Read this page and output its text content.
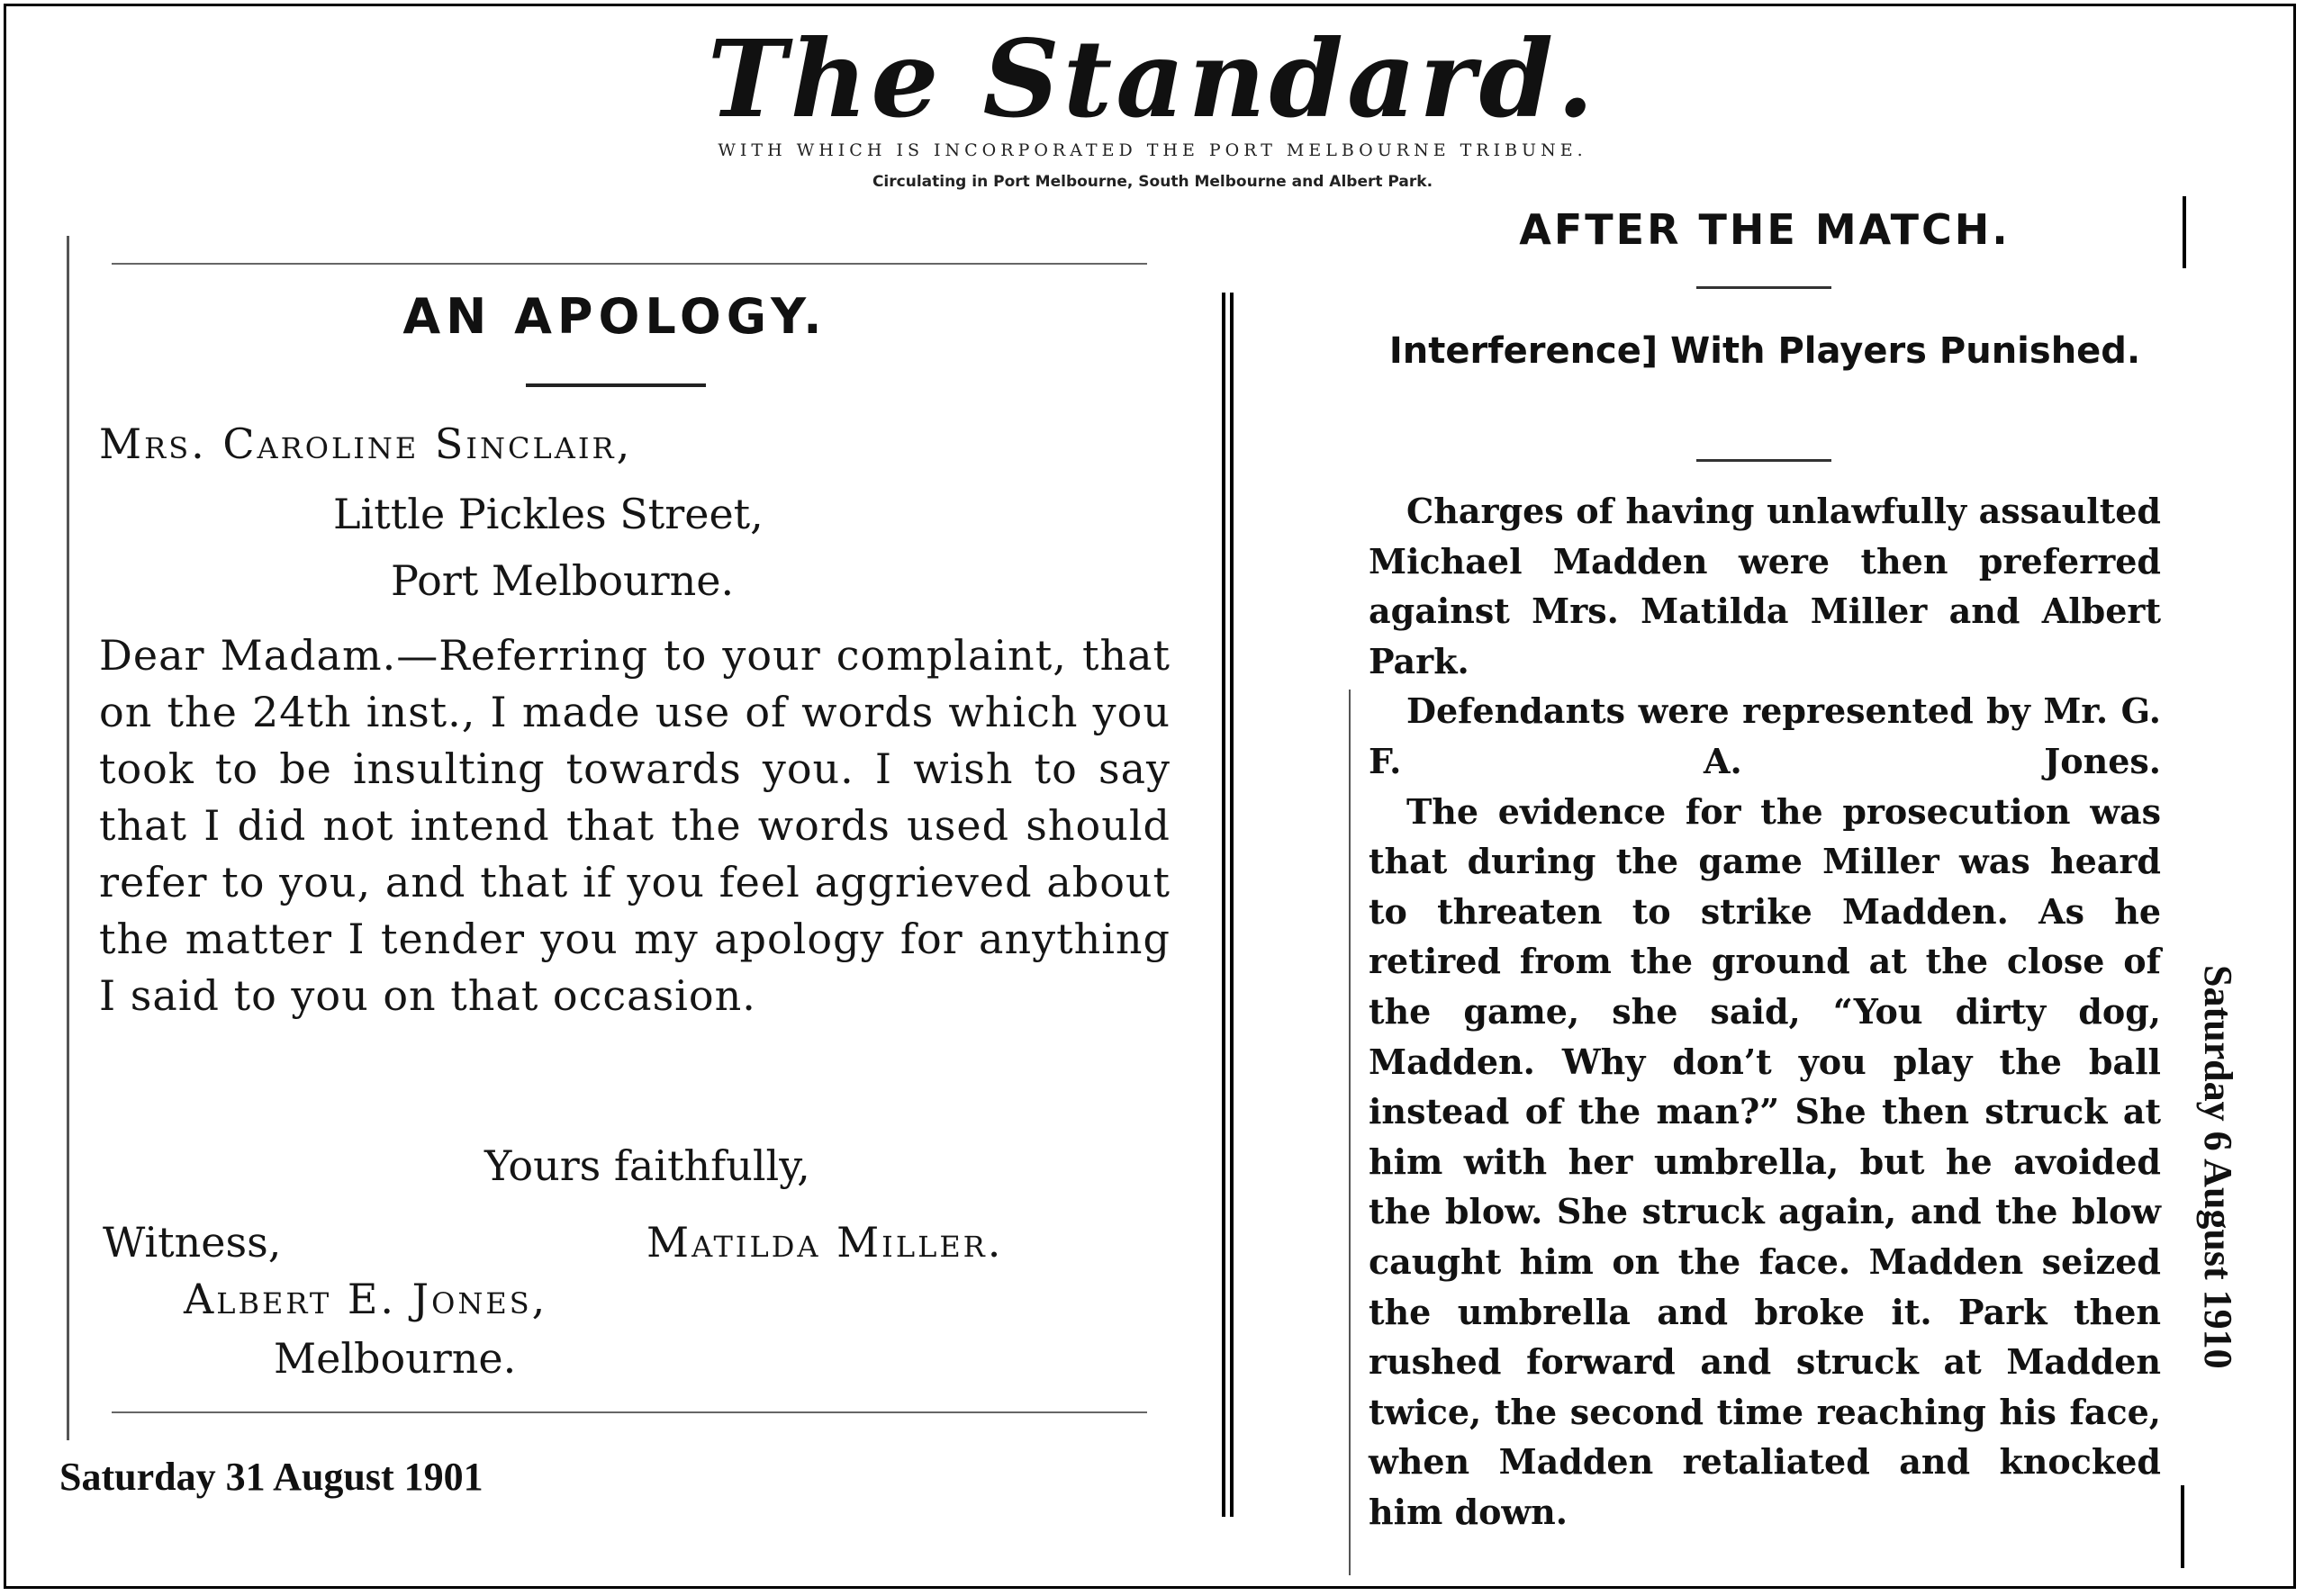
The Standard.
WITH WHICH IS INCORPORATED THE PORT MELBOURNE TRIBUNE.
Circulating in Port Melbourne, South Melbourne and Albert Park.
AN APOLOGY.
Mrs. Caroline Sinclair,
Little Pickles Street,
Port Melbourne.
Dear Madam.—Referring to your complaint, that on the 24th inst., I made use of words which you took to be insulting towards you. I wish to say that I did not intend that the words used should refer to you, and that if you feel aggrieved about the matter I tender you my apology for anything I said to you on that occasion.
Yours faithfully,
Witness,	Matilda Miller.
Albert E. Jones,
Melbourne.
Saturday 31 August 1901
AFTER THE MATCH.
Interference] With Players Punished.

Charges of having unlawfully assaulted Michael Madden were then preferred against Mrs. Matilda Miller and Albert Park.

Defendants were represented by Mr. G. F. A. Jones.

The evidence for the prosecution was that during the game Miller was heard to threaten to strike Madden. As he retired from the ground at the close of the game, she said, “You dirty dog, Madden. Why don’t you play the ball instead of the man?” She then struck at him with her umbrella, but he avoided the blow. She struck again, and the blow caught him on the face. Madden seized the umbrella and broke it. Park then rushed forward and struck at Madden twice, the second time reaching his face, when Madden retaliated and knocked him down.

Saturday 6 August 1910
